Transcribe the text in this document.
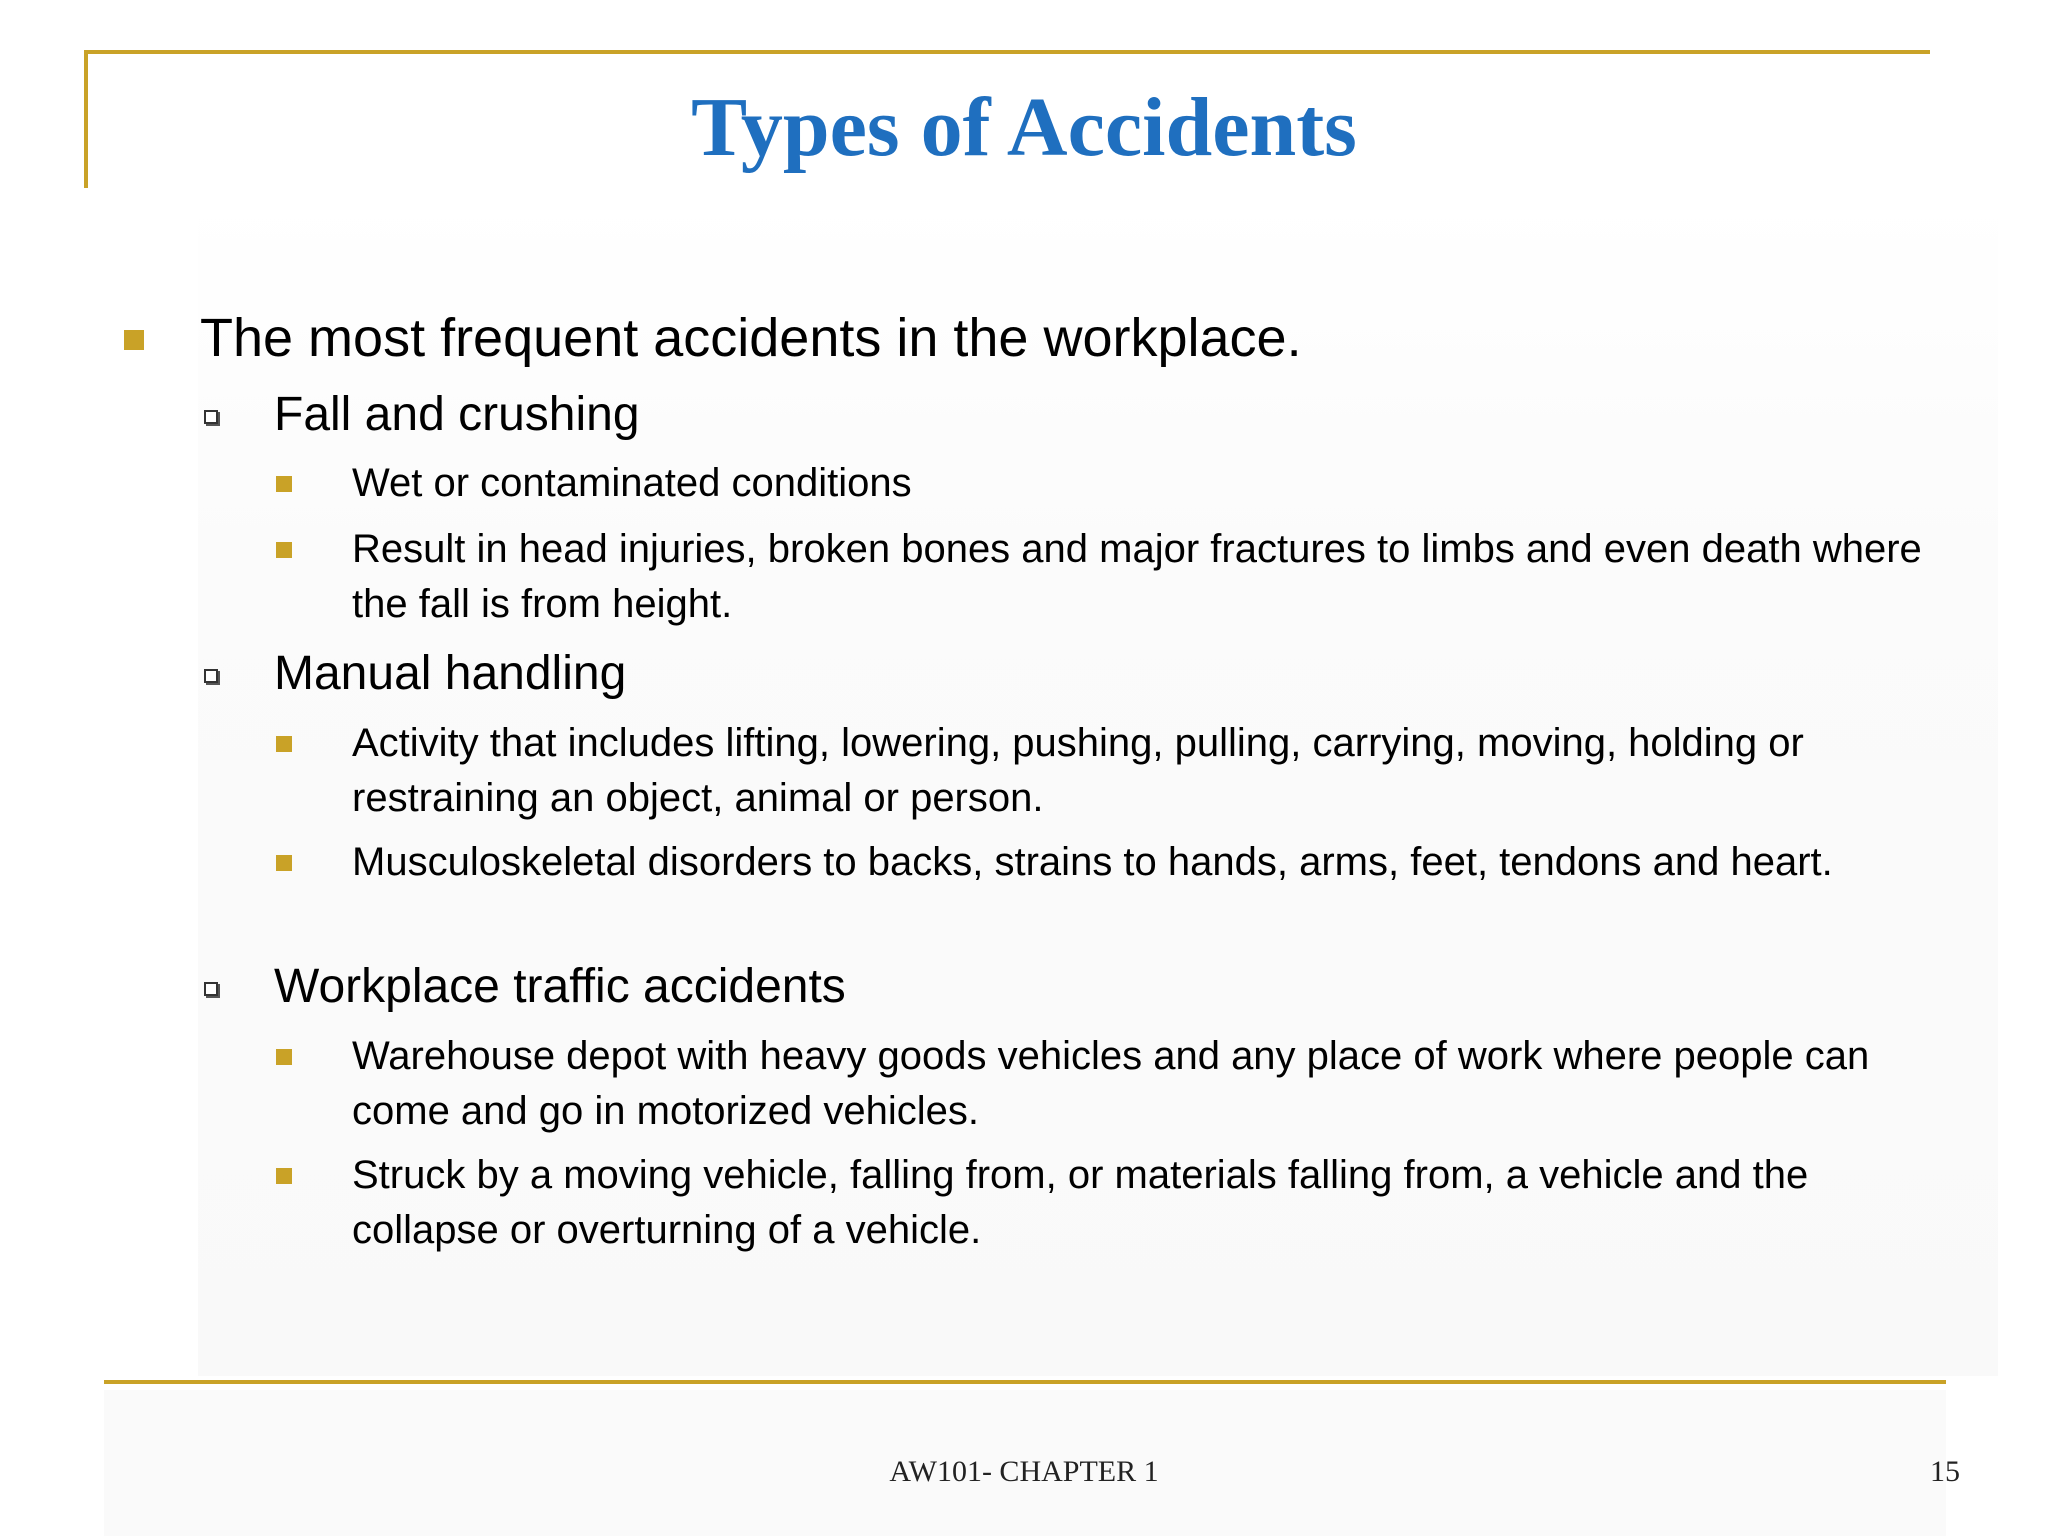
Types of Accidents
The most frequent accidents in the workplace.
Fall and crushing
Wet or contaminated conditions
Result in head injuries, broken bones and major fractures to limbs and even death where the fall is from height.
Manual handling
Activity that includes lifting, lowering, pushing, pulling, carrying, moving, holding or restraining an object, animal or person.
Musculoskeletal disorders to backs, strains to hands, arms, feet, tendons and heart.
Workplace traffic accidents
Warehouse depot with heavy goods vehicles and any place of work where people can come and go in motorized vehicles.
Struck by a moving vehicle, falling from, or materials falling from, a vehicle and the collapse or overturning of a vehicle.
AW101- CHAPTER 1	15
